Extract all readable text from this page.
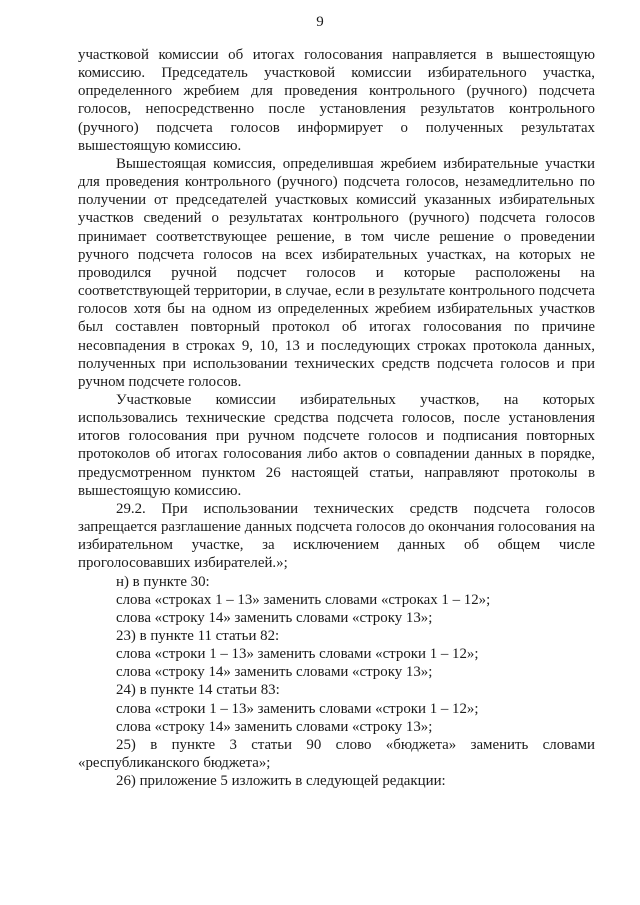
9

участковой комиссии об итогах голосования направляется в вышестоящую комиссию. Председатель участковой комиссии избирательного участка, определенного жребием для проведения контрольного (ручного) подсчета голосов, непосредственно после установления результатов контрольного (ручного) подсчета голосов информирует о полученных результатах вышестоящую комиссию.

Вышестоящая комиссия, определившая жребием избирательные участки для проведения контрольного (ручного) подсчета голосов, незамедлительно по получении от председателей участковых комиссий указанных избирательных участков сведений о результатах контрольного (ручного) подсчета голосов принимает соответствующее решение, в том числе решение о проведении ручного подсчета голосов на всех избирательных участках, на которых не проводился ручной подсчет голосов и которые расположены на соответствующей территории, в случае, если в результате контрольного подсчета голосов хотя бы на одном из определенных жребием избирательных участков был составлен повторный протокол об итогах голосования по причине несовпадения в строках 9, 10, 13 и последующих строках протокола данных, полученных при использовании технических средств подсчета голосов и при ручном подсчете голосов.

Участковые комиссии избирательных участков, на которых использовались технические средства подсчета голосов, после установления итогов голосования при ручном подсчете голосов и подписания повторных протоколов об итогах голосования либо актов о совпадении данных в порядке, предусмотренном пунктом 26 настоящей статьи, направляют протоколы в вышестоящую комиссию.

29.2. При использовании технических средств подсчета голосов запрещается разглашение данных подсчета голосов до окончания голосования на избирательном участке, за исключением данных об общем числе проголосовавших избирателей.»;

н) в пункте 30:

слова «строках 1 – 13» заменить словами «строках 1 – 12»;

слова «строку 14» заменить словами «строку 13»;

23) в пункте 11 статьи 82:

слова «строки 1 – 13» заменить словами «строки 1 – 12»;

слова «строку 14» заменить словами «строку 13»;

24) в пункте 14 статьи 83:

слова «строки 1 – 13» заменить словами «строки 1 – 12»;

слова «строку 14» заменить словами «строку 13»;

25) в пункте 3 статьи 90 слово «бюджета» заменить словами «республиканского бюджета»;

26) приложение 5 изложить в следующей редакции:
